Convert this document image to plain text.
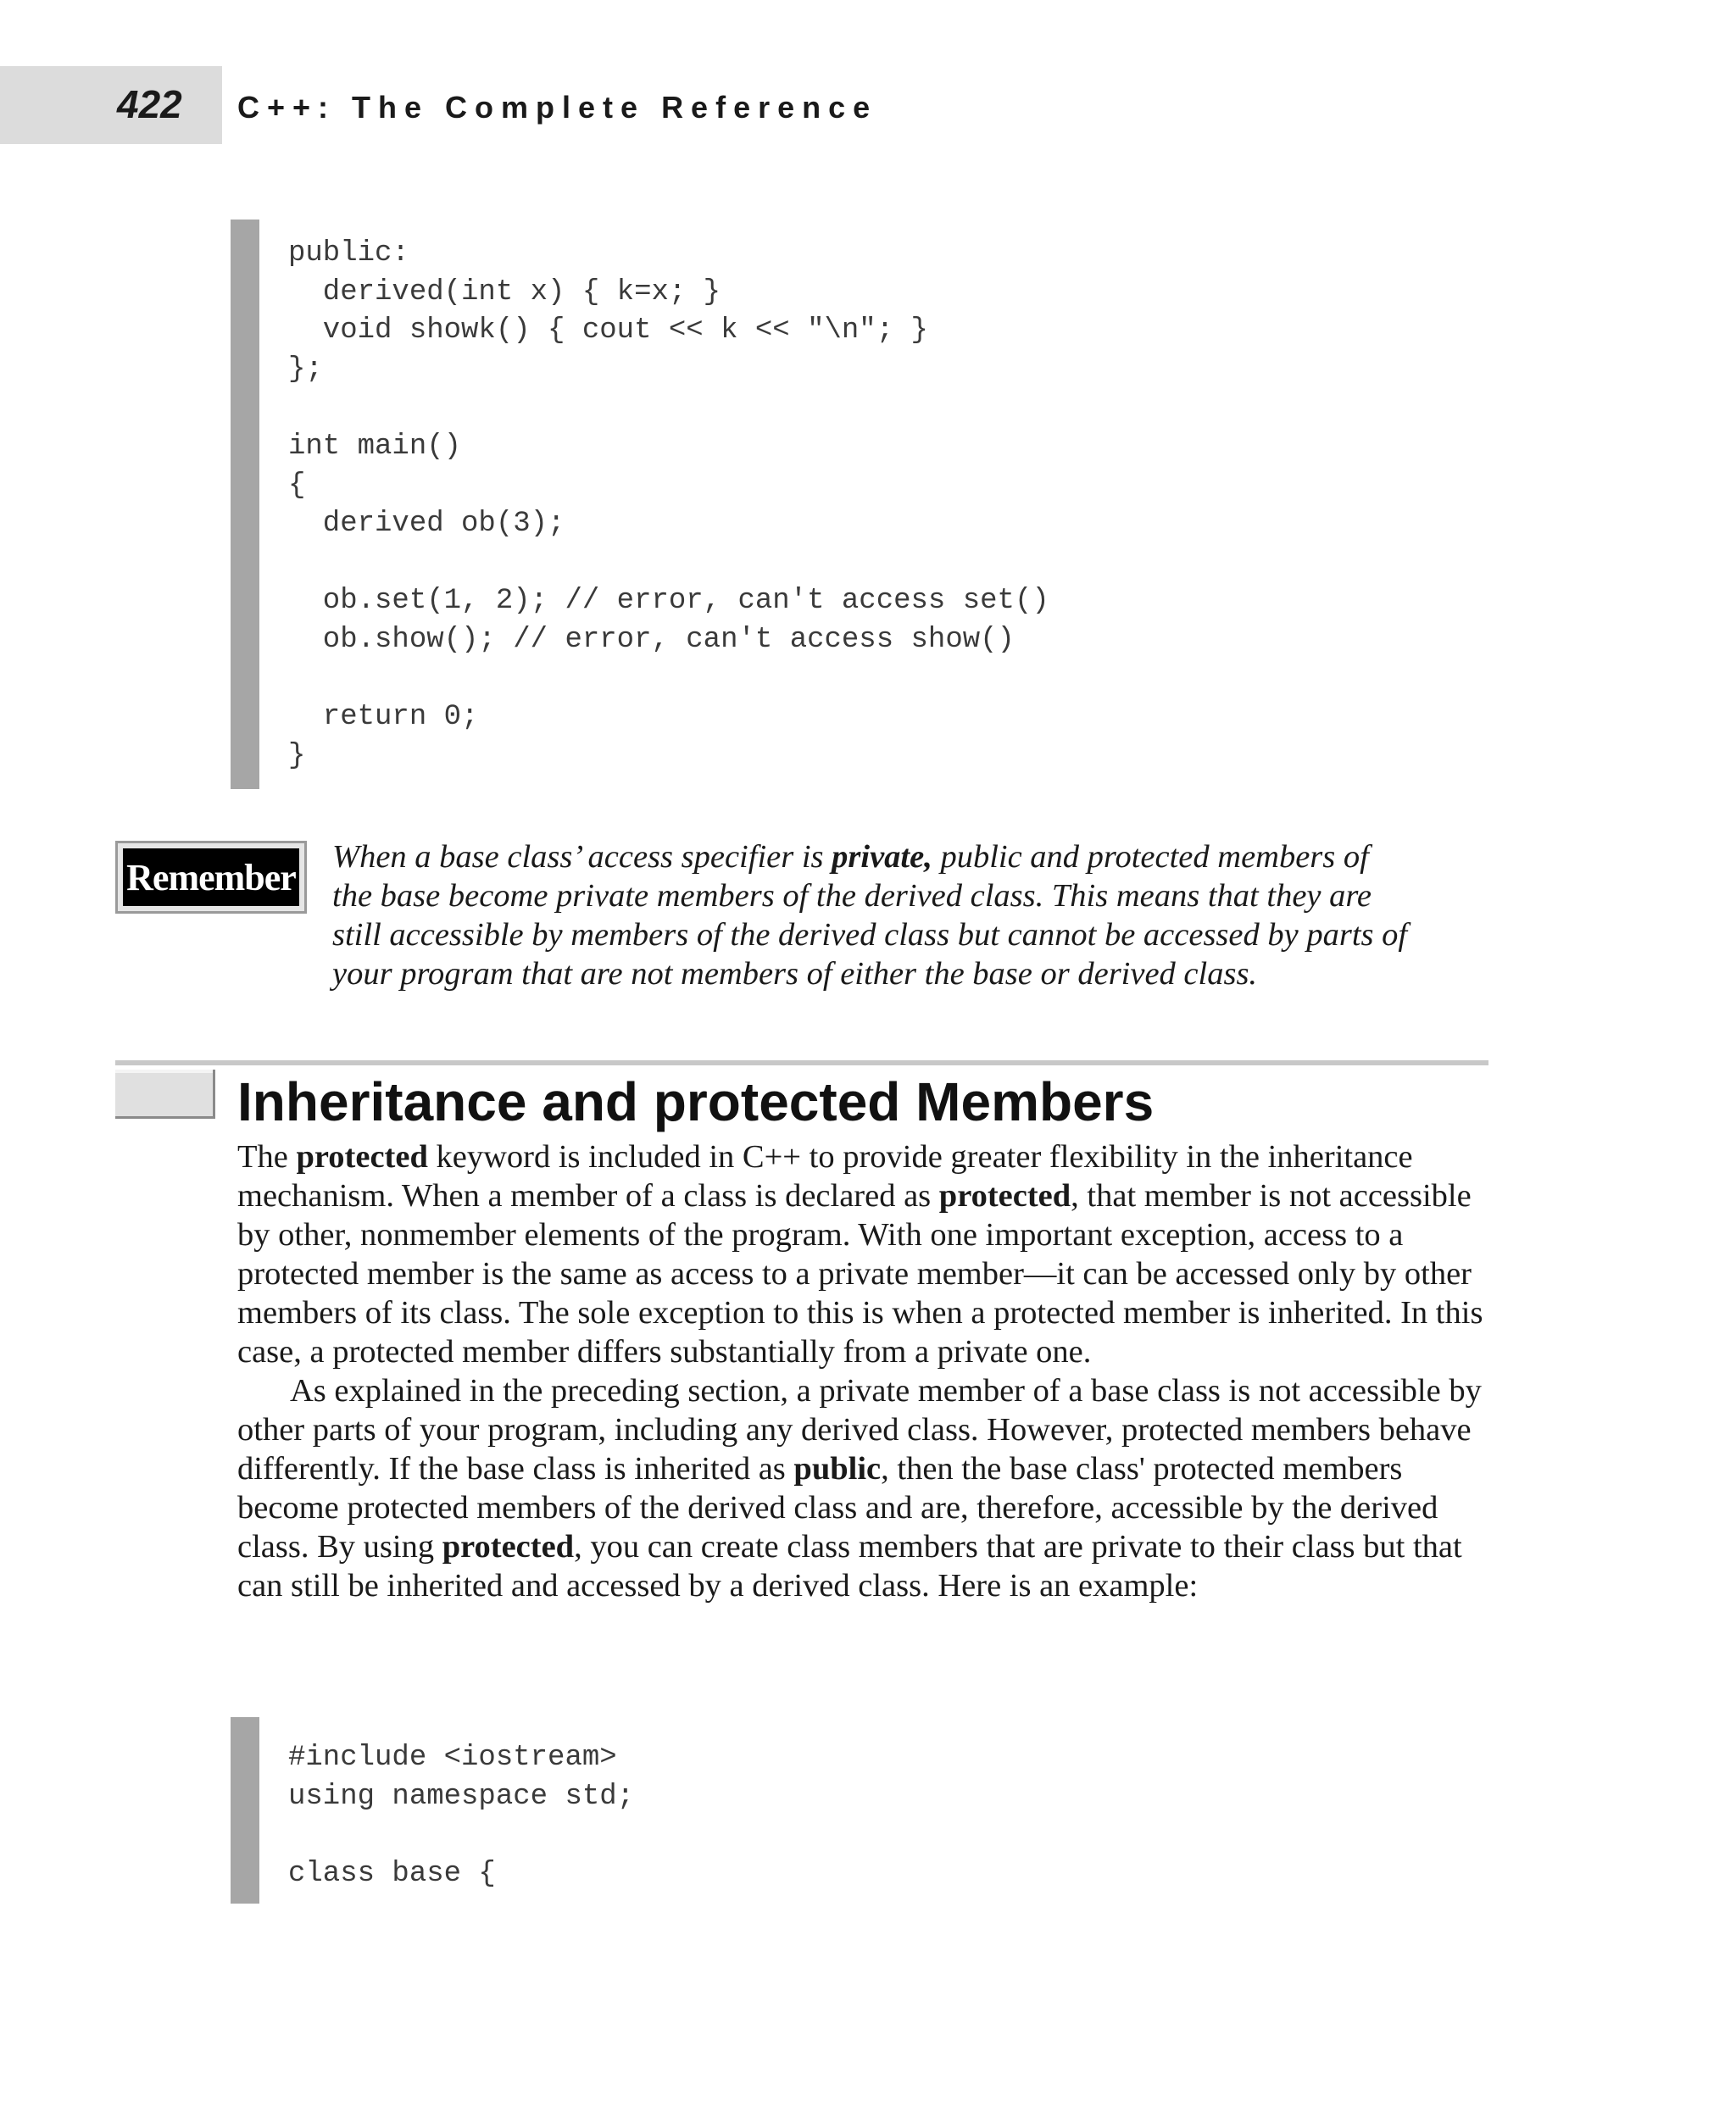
422 C++: The Complete Reference
public:
derived(int x) { k=x; }
void showk() { cout << k << "\n"; }
};

int main()
{
derived ob(3);

ob.set(1, 2); // error, can't access set()
ob.show(); // error, can't access show()

return 0;
}
Remember When a base class’ access specifier is private, public and protected members of the base become private members of the derived class. This means that they are still accessible by members of the derived class but cannot be accessed by parts of your program that are not members of either the base or derived class.
Inheritance and protected Members

The protected keyword is included in C++ to provide greater flexibility in the inheritance mechanism. When a member of a class is declared as protected, that member is not accessible by other, nonmember elements of the program. With one important exception, access to a protected member is the same as access to a private member—it can be accessed only by other members of its class. The sole exception to this is when a protected member is inherited. In this case, a protected member differs substantially from a private one.

As explained in the preceding section, a private member of a base class is not accessible by other parts of your program, including any derived class. However, protected members behave differently. If the base class is inherited as public, then the base class' protected members become protected members of the derived class and are, therefore, accessible by the derived class. By using protected, you can create class members that are private to their class but that can still be inherited and accessed by a derived class. Here is an example:

#include <iostream>
using namespace std;

class base {
